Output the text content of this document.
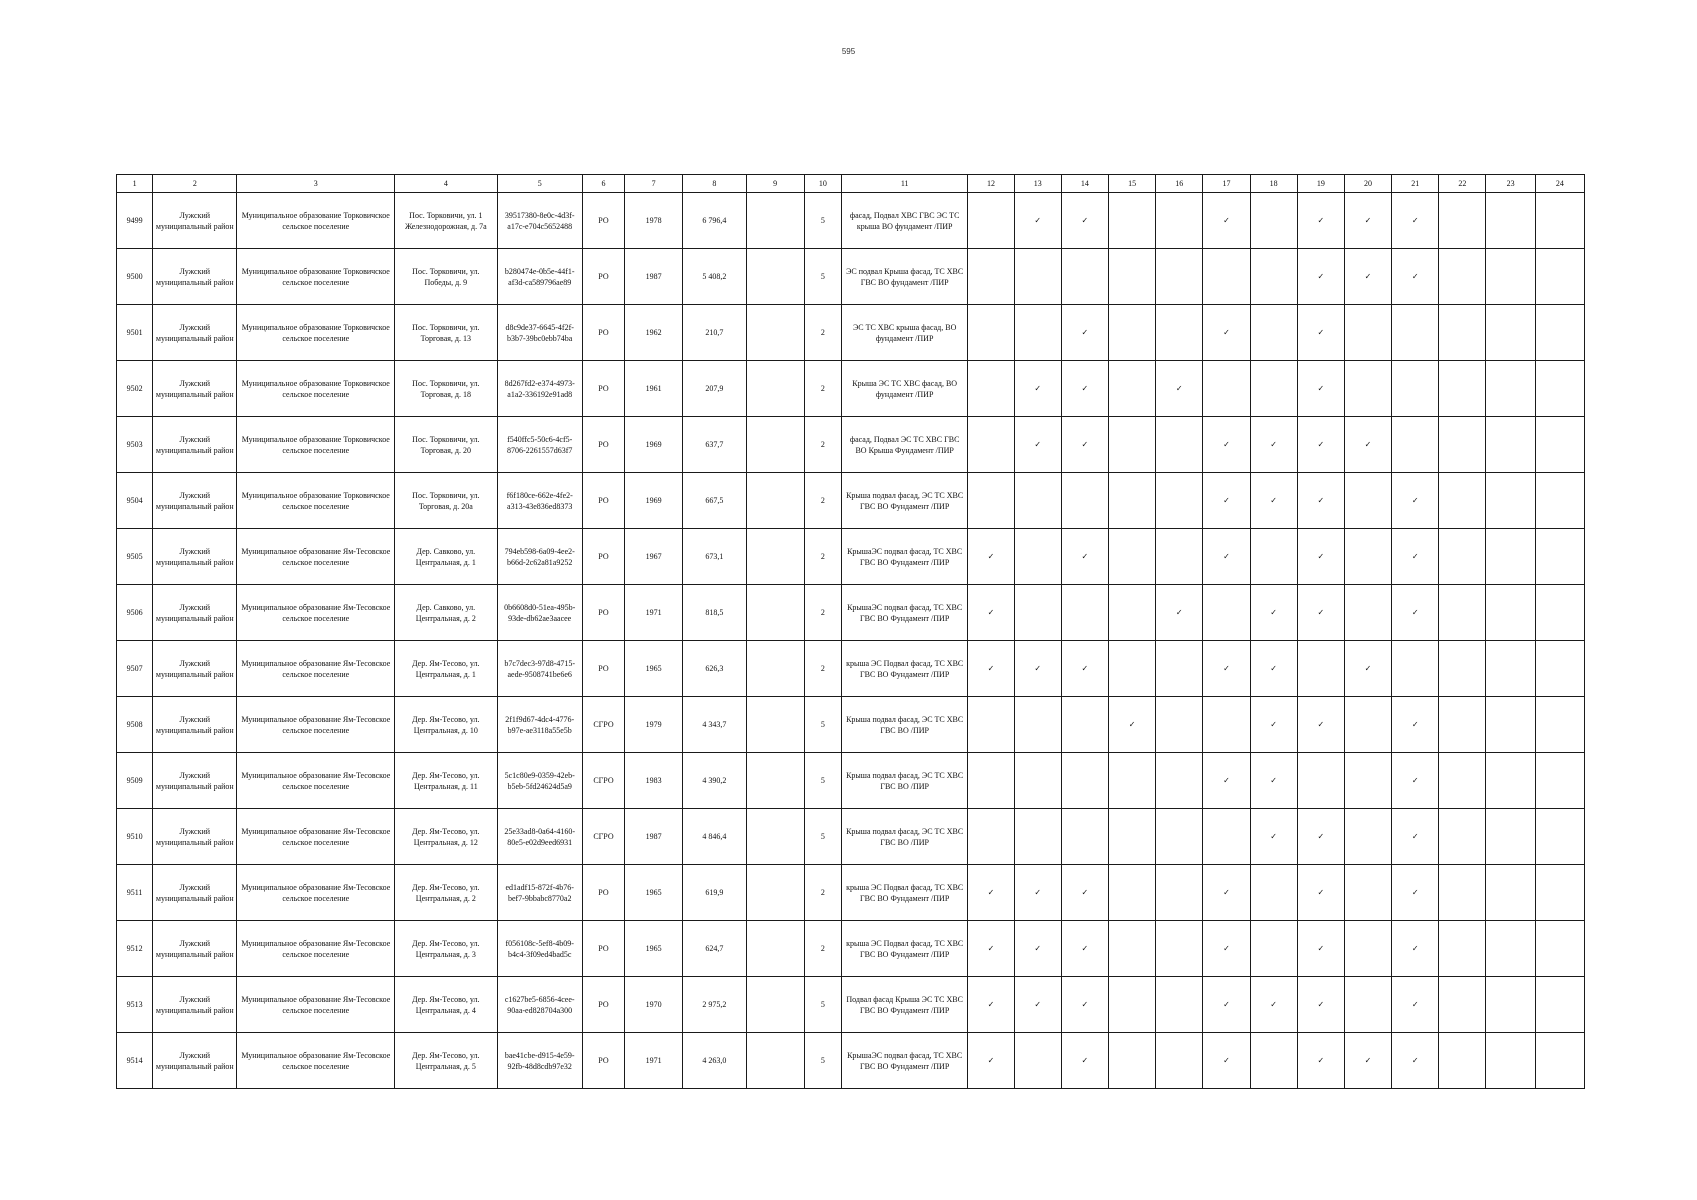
595
1	2	3	4	5	6	7	8	9	10	11	12	13	14	15	16	17	18	19	20	21	22	23	24
9499	Лужский муниципальный район	Муниципальное образование Торковичское сельское поселение	Пос. Торковичи, ул. 1 Железнодорожная, д. 7а	39517380-8e0c-4d3f-a17c-e704c5652488	РО	1978	6 796,4		5	фасад, Подвал ХВС ГВС ЭС ТС крыша ВО фундамент /ПИР		✓	✓			✓		✓	✓	✓			
9500	Лужский муниципальный район	Муниципальное образование Торковичское сельское поселение	Пос. Торковичи, ул. Победы, д. 9	b280474e-0b5e-44f1-af3d-ca589796ae89	РО	1987	5 408,2		5	ЭС подвал Крыша фасад, ТС ХВС ГВС ВО фундамент /ПИР								✓	✓	✓			
9501	Лужский муниципальный район	Муниципальное образование Торковичское сельское поселение	Пос. Торковичи, ул. Торговая, д. 13	d8c9de37-6645-4f2f-b3b7-39bc0ebb74ba	РО	1962	210,7		2	ЭС ТС ХВС крыша фасад, ВО фундамент /ПИР			✓			✓		✓					
9502	Лужский муниципальный район	Муниципальное образование Торковичское сельское поселение	Пос. Торковичи, ул. Торговая, д. 18	8d267fd2-e374-4973-a1a2-336192e91ad8	РО	1961	207,9		2	Крыша ЭС ТС ХВС фасад, ВО фундамент /ПИР		✓	✓		✓			✓					
9503	Лужский муниципальный район	Муниципальное образование Торковичское сельское поселение	Пос. Торковичи, ул. Торговая, д. 20	f540ffc5-50c6-4cf5-8706-2261557d63f7	РО	1969	637,7		2	фасад, Подвал ЭС ТС ХВС ГВС ВО Крыша Фундамент /ПИР		✓	✓			✓	✓	✓	✓				
9504	Лужский муниципальный район	Муниципальное образование Торковичское сельское поселение	Пос. Торковичи, ул. Торговая, д. 20а	f6f180ce-662e-4fe2-a313-43e836ed8373	РО	1969	667,5		2	Крыша подвал фасад, ЭС ТС ХВС ГВС ВО Фундамент /ПИР						✓	✓	✓		✓			
9505	Лужский муниципальный район	Муниципальное образование Ям-Тесовское сельское поселение	Дер. Савково, ул. Центральная, д. 1	794eb598-6a09-4ee2-b66d-2c62a81a9252	РО	1967	673,1		2	КрышаЭС подвал фасад, ТС ХВС ГВС ВО Фундамент /ПИР	✓		✓			✓		✓		✓			
9506	Лужский муниципальный район	Муниципальное образование Ям-Тесовское сельское поселение	Дер. Савково, ул. Центральная, д. 2	0b6608d0-51ea-495b-93de-db62ae3aacee	РО	1971	818,5		2	КрышаЭС подвал фасад, ТС ХВС ГВС ВО Фундамент /ПИР	✓				✓		✓	✓		✓			
9507	Лужский муниципальный район	Муниципальное образование Ям-Тесовское сельское поселение	Дер. Ям-Тесово, ул. Центральная, д. 1	b7c7dec3-97d8-4715-aede-9508741be6e6	РО	1965	626,3		2	крыша ЭС Подвал фасад, ТС ХВС ГВС ВО Фундамент /ПИР	✓	✓	✓			✓	✓		✓				
9508	Лужский муниципальный район	Муниципальное образование Ям-Тесовское сельское поселение	Дер. Ям-Тесово, ул. Центральная, д. 10	2f1f9d67-4dc4-4776-b97e-ae3118a55e5b	СГРО	1979	4 343,7		5	Крыша подвал фасад, ЭС ТС ХВС ГВС ВО /ПИР				✓			✓	✓		✓			
9509	Лужский муниципальный район	Муниципальное образование Ям-Тесовское сельское поселение	Дер. Ям-Тесово, ул. Центральная, д. 11	5c1c80e9-0359-42eb-b5eb-5fd24624d5a9	СГРО	1983	4 390,2		5	Крыша подвал фасад, ЭС ТС ХВС ГВС ВО /ПИР						✓	✓			✓			
9510	Лужский муниципальный район	Муниципальное образование Ям-Тесовское сельское поселение	Дер. Ям-Тесово, ул. Центральная, д. 12	25e33ad8-0a64-4160-80e5-e02d9eed6931	СГРО	1987	4 846,4		5	Крыша подвал фасад, ЭС ТС ХВС ГВС ВО /ПИР							✓	✓		✓			
9511	Лужский муниципальный район	Муниципальное образование Ям-Тесовское сельское поселение	Дер. Ям-Тесово, ул. Центральная, д. 2	ed1adf15-872f-4b76-bef7-9bbabc8770a2	РО	1965	619,9		2	крыша ЭС Подвал фасад, ТС ХВС ГВС ВО Фундамент /ПИР	✓	✓	✓			✓		✓		✓			
9512	Лужский муниципальный район	Муниципальное образование Ям-Тесовское сельское поселение	Дер. Ям-Тесово, ул. Центральная, д. 3	f056108c-5ef8-4b09-b4c4-3f09ed4bad5c	РО	1965	624,7		2	крыша ЭС Подвал фасад, ТС ХВС ГВС ВО Фундамент /ПИР	✓	✓	✓			✓		✓		✓			
9513	Лужский муниципальный район	Муниципальное образование Ям-Тесовское сельское поселение	Дер. Ям-Тесово, ул. Центральная, д. 4	c1627be5-6856-4cee-90aa-ed828704a300	РО	1970	2 975,2		5	Подвал фасад Крыша ЭС ТС ХВС ГВС ВО Фундамент /ПИР	✓	✓	✓			✓	✓	✓		✓			
9514	Лужский муниципальный район	Муниципальное образование Ям-Тесовское сельское поселение	Дер. Ям-Тесово, ул. Центральная, д. 5	bae41cbe-d915-4e59-92fb-48d8cdb97e32	РО	1971	4 263,0		5	КрышаЭС подвал фасад, ТС ХВС ГВС ВО Фундамент /ПИР	✓		✓			✓		✓	✓	✓			
